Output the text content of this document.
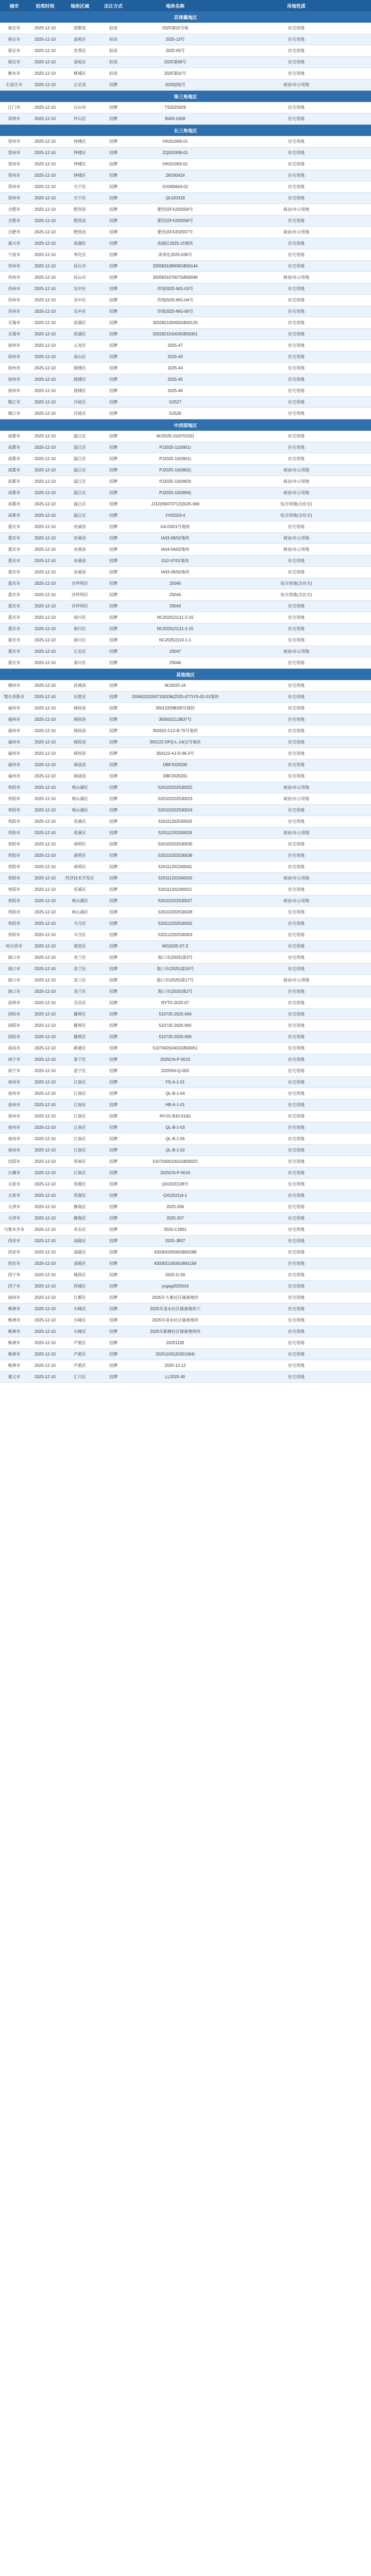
城市	拍卖时间	地块区域	出让方式	地块名称	用地性质
京津冀地区
保定市	2025-12-10	望都县	拍卖	2025第02号地	住宅用地
保定市	2025-12-10	清苑区	拍卖	2025-13号	住宅用地
保定市	2025-12-10	竞秀区	拍卖	2025-05号	住宅用地
保定市	2025-12-10	清苑区	拍卖	2025第08号	住宅用地
衡水市	2025-12-10	桃城区	拍卖	2025第01号	住宅用地
石家庄市	2025-12-10	正定县	挂牌	2025[05]号	商业/办公用地
珠三角地区
江门市	2025-12-10	台山市	挂牌	TS2025029	住宅用地
深圳市	2025-12-10	坪山区	挂牌	B405-0308	住宅用地
长三角地区
常州市	2025-12-10	钟楼区	挂牌	HX011006-01	住宅用地
常州市	2025-12-10	钟楼区	挂牌	ZQ020308-01	住宅用地
常州市	2025-12-10	钟楼区	挂牌	HX011005-01	住宅用地
常州市	2025-12-10	钟楼区	挂牌	ZK030419	住宅用地
常州市	2025-12-10	天宁区	挂牌	GX060604-02	住宅用地
常州市	2025-12-10	天宁区	挂牌	QL020318	住宅用地
合肥市	2025-12-10	肥西县	挂牌	肥西县FX202559号	商业/办公用地
合肥市	2025-12-10	肥西县	挂牌	肥西县FX202558号	住宅用地
合肥市	2025-12-10	肥西县	挂牌	肥西县FX202557号	商业/办公用地
嘉兴市	2025-12-10	南湖区	挂牌	南湖区2025-15地块	住宅用地
宁波市	2025-12-10	奉化区	挂牌	甬奉化2025-036号	住宅用地
苏州市	2025-12-10	昆山市	挂牌	320583108006GB00144	住宅用地
苏州市	2025-12-10	昆山市	挂牌	320583107007GB00046	商业/办公用地
苏州市	2025-12-10	吴中区	挂牌	苏地2025-WG-03号	住宅用地
苏州市	2025-12-10	吴中区	挂牌	苏地2025-WG-04号	住宅用地
苏州市	2025-12-10	吴中区	挂牌	苏地2025-WG-06号	住宅用地
无锡市	2025-12-10	滨湖区	挂牌	320282100050GB00125	住宅用地
无锡市	2025-12-10	滨湖区	挂牌	320282101003GB00301	住宅用地
徐州市	2025-12-10	云龙区	挂牌	2025-47	住宅用地
徐州市	2025-12-10	泉山区	挂牌	2025-43	住宅用地
徐州市	2025-12-10	鼓楼区	挂牌	2025-44	住宅用地
徐州市	2025-12-10	鼓楼区	挂牌	2025-45	住宅用地
徐州市	2025-12-10	鼓楼区	挂牌	2025-46	住宅用地
镇江市	2025-12-10	丹徒区	挂牌	G2527	住宅用地
镇江市	2025-12-10	丹徒区	挂牌	G2526	住宅用地
中西部地区
成都市	2025-12-10	温江区	挂牌	WJ2025-15(070102)	住宅用地
成都市	2025-12-10	温江区	挂牌	PJ2025-11(0901)	住宅用地
成都市	2025-12-10	温江区	挂牌	PJ2025-10(0901)	住宅用地
成都市	2025-12-10	温江区	挂牌	PJ2025-10(0902)	商业/办公用地
成都市	2025-12-10	温江区	挂牌	PJ2025-10(0903)	商业/办公用地
成都市	2025-12-10	温江区	挂牌	PJ2025-10(0904)	商业/办公用地
成都市	2025-12-10	温江区	挂牌	JJ12(09/070712)2025-069	综合用地(含住宅)
成都市	2025-12-10	温江区	挂牌	JY02023-4	综合用地(含住宅)
重庆市	2025-12-10	巫溪县	挂牌	G4-03/01号地块	住宅用地
重庆市	2025-12-10	巫溪县	挂牌	IA03-08/02地块	商业/办公用地
重庆市	2025-12-10	巫溪县	挂牌	IA04-04/02地块	商业/办公用地
重庆市	2025-12-10	巫溪县	挂牌	D12-07/01地块	住宅用地
重庆市	2025-12-10	巫溪县	挂牌	IA03-06/02地块	住宅用地
重庆市	2025-12-10	沙坪坝区	挂牌	25045	综合用地(含住宅)
重庆市	2025-12-10	沙坪坝区	挂牌	25044	综合用地(含住宅)
重庆市	2025-12-10	沙坪坝区	挂牌	25043	住宅用地
重庆市	2025-12-10	南川区	挂牌	NC2025(21)11-2-15	住宅用地
重庆市	2025-12-10	南川区	挂牌	NC2025(21)11-2-15	住宅用地
重庆市	2025-12-10	南川区	挂牌	NC2025(2)10-1-1	住宅用地
重庆市	2025-12-10	江北区	挂牌	25047	商业/办公用地
重庆市	2025-12-10	南川区	挂牌	25046	住宅用地
其他地区
德州市	2025-12-10	武城县	挂牌	WJ2025-16	住宅用地
鄂尔多斯市	2025-12-10	东胜区	挂牌	150602202507100236(2025-077)YS-02-01地块	住宅用地
福州市	2025-12-10	闽侯县	挂牌	350122(NB)09号地块	住宅用地
福州市	2025-12-10	闽侯县	挂牌	350501CL0B37号	住宅用地
福州市	2025-12-10	闽侯县	挂牌	350501-CL0-B-75号地块	住宅用地
福州市	2025-12-10	闽侯县	挂牌	350122-DPQ-L-14(1)号地块	住宅用地
福州市	2025-12-10	闽侯县	挂牌	350122-AJ-D-36-3号	住宅用地
福州市	2025-12-10	闽清县	挂牌	DBF2025030	住宅用地
福州市	2025-12-10	闽清县	挂牌	DBF2025031	住宅用地
贵阳市	2025-12-10	观山湖区	挂牌	520102202530022	商业/办公用地
贵阳市	2025-12-10	观山湖区	挂牌	520102202530023	商业/办公用地
贵阳市	2025-12-10	观山湖区	挂牌	520102202530024	住宅用地
贵阳市	2025-12-10	花溪区	挂牌	520111202530025	住宅用地
贵阳市	2025-12-10	花溪区	挂牌	520111202530026	商业/办公用地
贵阳市	2025-12-10	南明区	挂牌	520102202530035	住宅用地
贵阳市	2025-12-10	南明区	挂牌	520102202530036	住宅用地
贵阳市	2025-12-10	南明区	挂牌	520111202240041	住宅用地
贵阳市	2025-12-10	经济技术开发区	挂牌	520111202240020	商业/办公用地
贵阳市	2025-12-10	花溪区	挂牌	520111202240021	住宅用地
贵阳市	2025-12-10	观山湖区	挂牌	520102202530027	商业/办公用地
贵阳市	2025-12-10	观山湖区	挂牌	520102202530028	住宅用地
贵阳市	2025-12-10	乌当区	挂牌	520112202530002	住宅用地
贵阳市	2025-12-10	乌当区	挂牌	520112202530003	住宅用地
哈尔滨市	2025-12-10	道里区	挂牌	WG2025-07-Z	住宅用地
海口市	2025-12-10	美兰区	挂牌	海口市(2025)第3号	住宅用地
海口市	2025-12-10	美兰区	挂牌	海口市(2025)第16号	住宅用地
海口市	2025-12-10	美兰区	挂牌	海口市(2025)第17号	商业/办公用地
海口市	2025-12-10	美兰区	挂牌	海口市(2025)第2号	住宅用地
昆明市	2025-12-10	呈贡区	挂牌	RYTD-2025-07	住宅用地
洛阳市	2025-12-10	偃师区	挂牌	510725-2025-004	住宅用地
洛阳市	2025-12-10	偃师区	挂牌	510725-2025-005	住宅用地
洛阳市	2025-12-10	偃师区	挂牌	510725-2025-006	住宅用地
南昌市	2025-12-10	新建区	挂牌	510704202401GB00051	住宅用地
南宁市	2025-12-10	邕宁区	挂牌	2025CN-P-0010	住宅用地
南宁市	2025-12-10	邕宁区	挂牌	2025SH-Q-003	住宅用地
泉州市	2025-12-10	江南区	挂牌	FS-A-1-01	住宅用地
泉州市	2025-12-10	江南区	挂牌	QL-B-1-04	住宅用地
泉州市	2025-12-10	江南区	挂牌	HB-A-1-01	住宅用地
泉州市	2025-12-10	江南区	挂牌	NY-01-B10-01(b)	住宅用地
泉州市	2025-12-10	江南区	挂牌	QL-B-1-03	住宅用地
泉州市	2025-12-10	江南区	挂牌	QL-B-1-05	住宅用地
泉州市	2025-12-10	江南区	挂牌	QL-B-1-02	住宅用地
沈阳市	2025-12-10	浑南区	挂牌	510703001001GB00022	住宅用地
石狮市	2025-12-10	江南区	挂牌	2025CN-P-0016	住宅用地
太原市	2025-12-10	晋源区	挂牌	QX(2022)38号	住宅用地
太原市	2025-12-10	晋源区	挂牌	QX(2021)4-1	住宅用地
天津市	2025-12-10	静海区	挂牌	2025-206	住宅用地
天津市	2025-12-10	静海区	挂牌	2025-207	住宅用地
乌鲁木齐市	2025-12-10	米东区	挂牌	2025-C1801	住宅用地
西安市	2025-12-10	高陵区	挂牌	2025-JB07	住宅用地
西安市	2025-12-10	高陵区	挂牌	43030420500GB00288	住宅用地
西安市	2025-12-10	高陵区	挂牌	43030210500GB91158	住宅用地
西宁市	2025-12-10	城西区	挂牌	2025-G-59	住宅用地
西宁市	2025-12-10	西城区	挂牌	ycgeg2025016	住宅用地
扬州市	2025-12-10	江都区	挂牌	2025年大寨社区储备地块	住宅用地
株洲市	2025-12-10	石峰区	挂牌	2025年清水社区储备地块六	住宅用地
株洲市	2025-12-10	石峰区	挂牌	2025年清水社区储备地块	住宅用地
株洲市	2025-12-10	石峰区	挂牌	2025年新塘社区储备地块四	住宅用地
株洲市	2025-12-10	芦淞区	挂牌	20251105	住宅用地
株洲市	2025-12-10	芦淞区	挂牌	20251105(20251004)	住宅用地
株洲市	2025-12-10	芦淞区	挂牌	2025-12-12	住宅用地
遵义市	2025-12-10	汇川区	挂牌	LL2025-40	住宅用地
